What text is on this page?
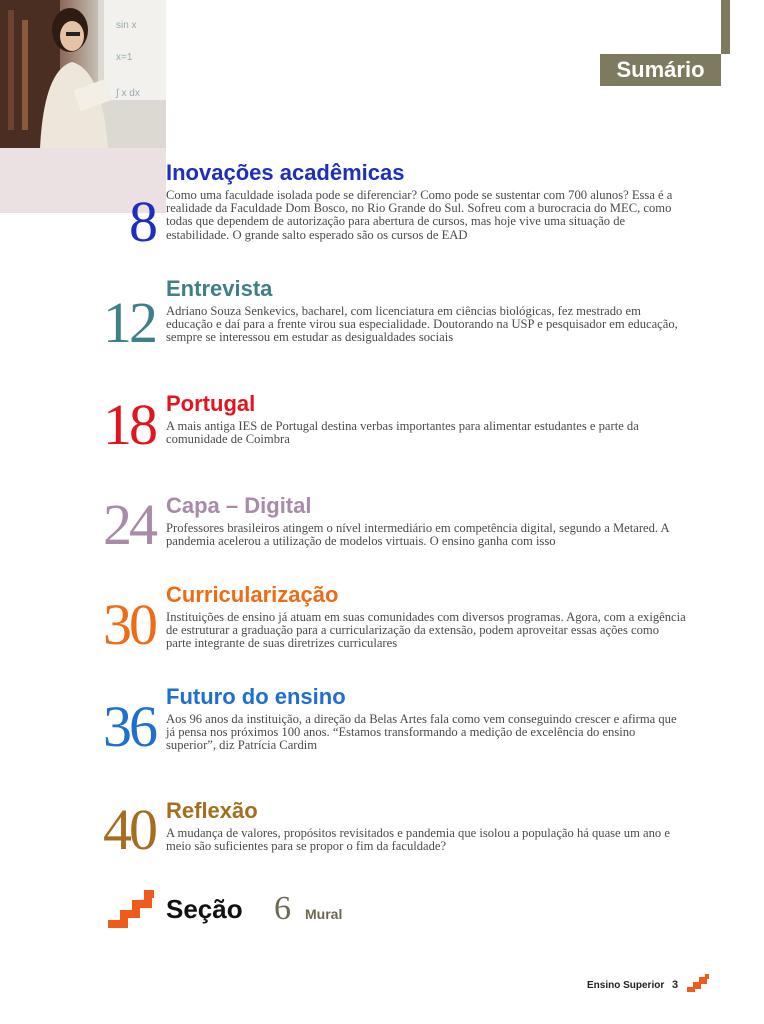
sin x
x=1
∫ x dx
Sumário
8
Inovações acadêmicas

Como uma faculdade isolada pode se diferenciar? Como pode se sustentar com 700 alunos? Essa é a realidade da Faculdade Dom Bosco, no Rio Grande do Sul. Sofreu com a burocracia do MEC, como todas que dependem de autorização para abertura de cursos, mas hoje vive uma situação de estabilidade. O grande salto esperado são os cursos de EAD

12
Entrevista

Adriano Souza Senkevics, bacharel, com licenciatura em ciências biológicas, fez mestrado em educação e daí para a frente virou sua especialidade. Doutorando na USP e pesquisador em educação, sempre se interessou em estudar as desigualdades sociais

18 Portugal

A mais antiga IES de Portugal destina verbas importantes para alimentar estudantes e parte da comunidade de Coimbra

24 Capa – Digital

Professores brasileiros atingem o nível intermediário em competência digital, segundo a Metared. A pandemia acelerou a utilização de modelos virtuais. O ensino ganha com isso

30 Curricularização

Instituições de ensino já atuam em suas comunidades com diversos programas. Agora, com a exigência de estruturar a graduação para a curricularização da extensão, podem aproveitar essas ações como parte integrante de suas diretrizes curriculares

36 Futuro do ensino

Aos 96 anos da instituição, a direção da Belas Artes fala como vem conseguindo crescer e afirma que já pensa nos próximos 100 anos. “Estamos transformando a medição de excelência do ensino superior”, diz Patrícia Cardim

40 Reflexão

A mudança de valores, propósitos revisitados e pandemia que isolou a população há quase um ano e meio são suficientes para se propor o fim da faculdade?

Seção 6 Mural
Ensino Superior 3
